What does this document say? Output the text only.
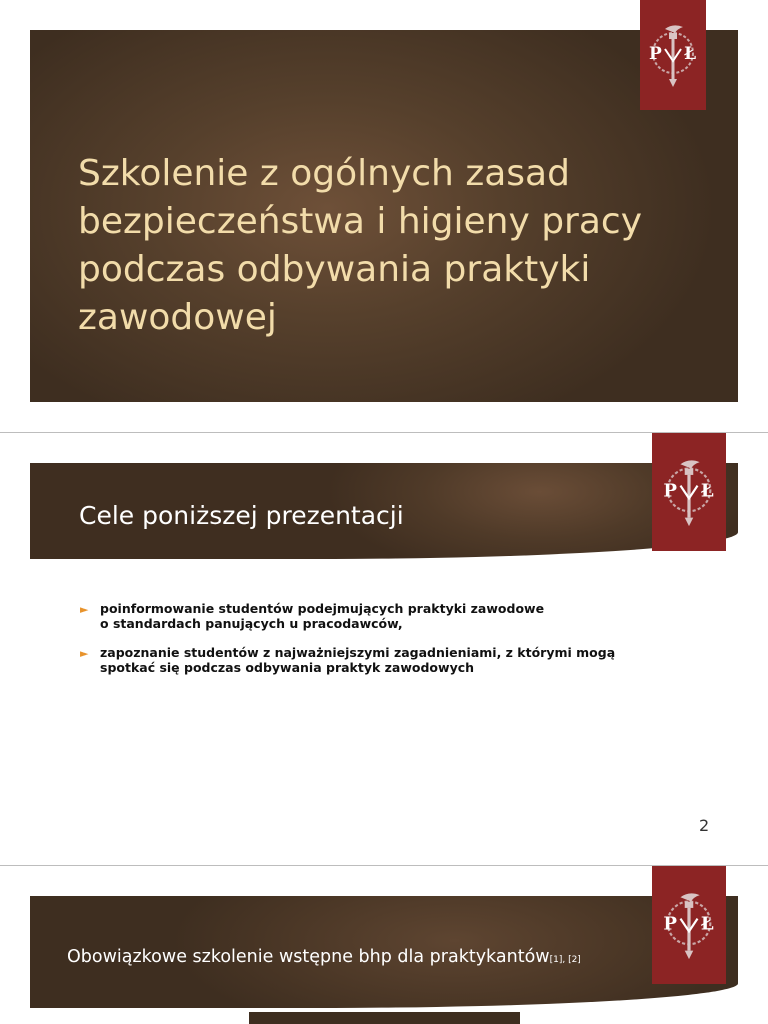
Szkolenie z ogólnych zasad bezpieczeństwa i higieny pracy podczas odbywania praktyki zawodowej
P Ł
Cele poniższej prezentacji
P Ł
► poinformowanie studentów podejmujących praktyki zawodowe
o standardach panujących u pracodawców,
► zapoznanie studentów z najważniejszymi zagadnieniami, z którymi mogą
spotkać się podczas odbywania praktyk zawodowych
2
Obowiązkowe szkolenie wstępne bhp dla praktykantów[1], [2]
P Ł
